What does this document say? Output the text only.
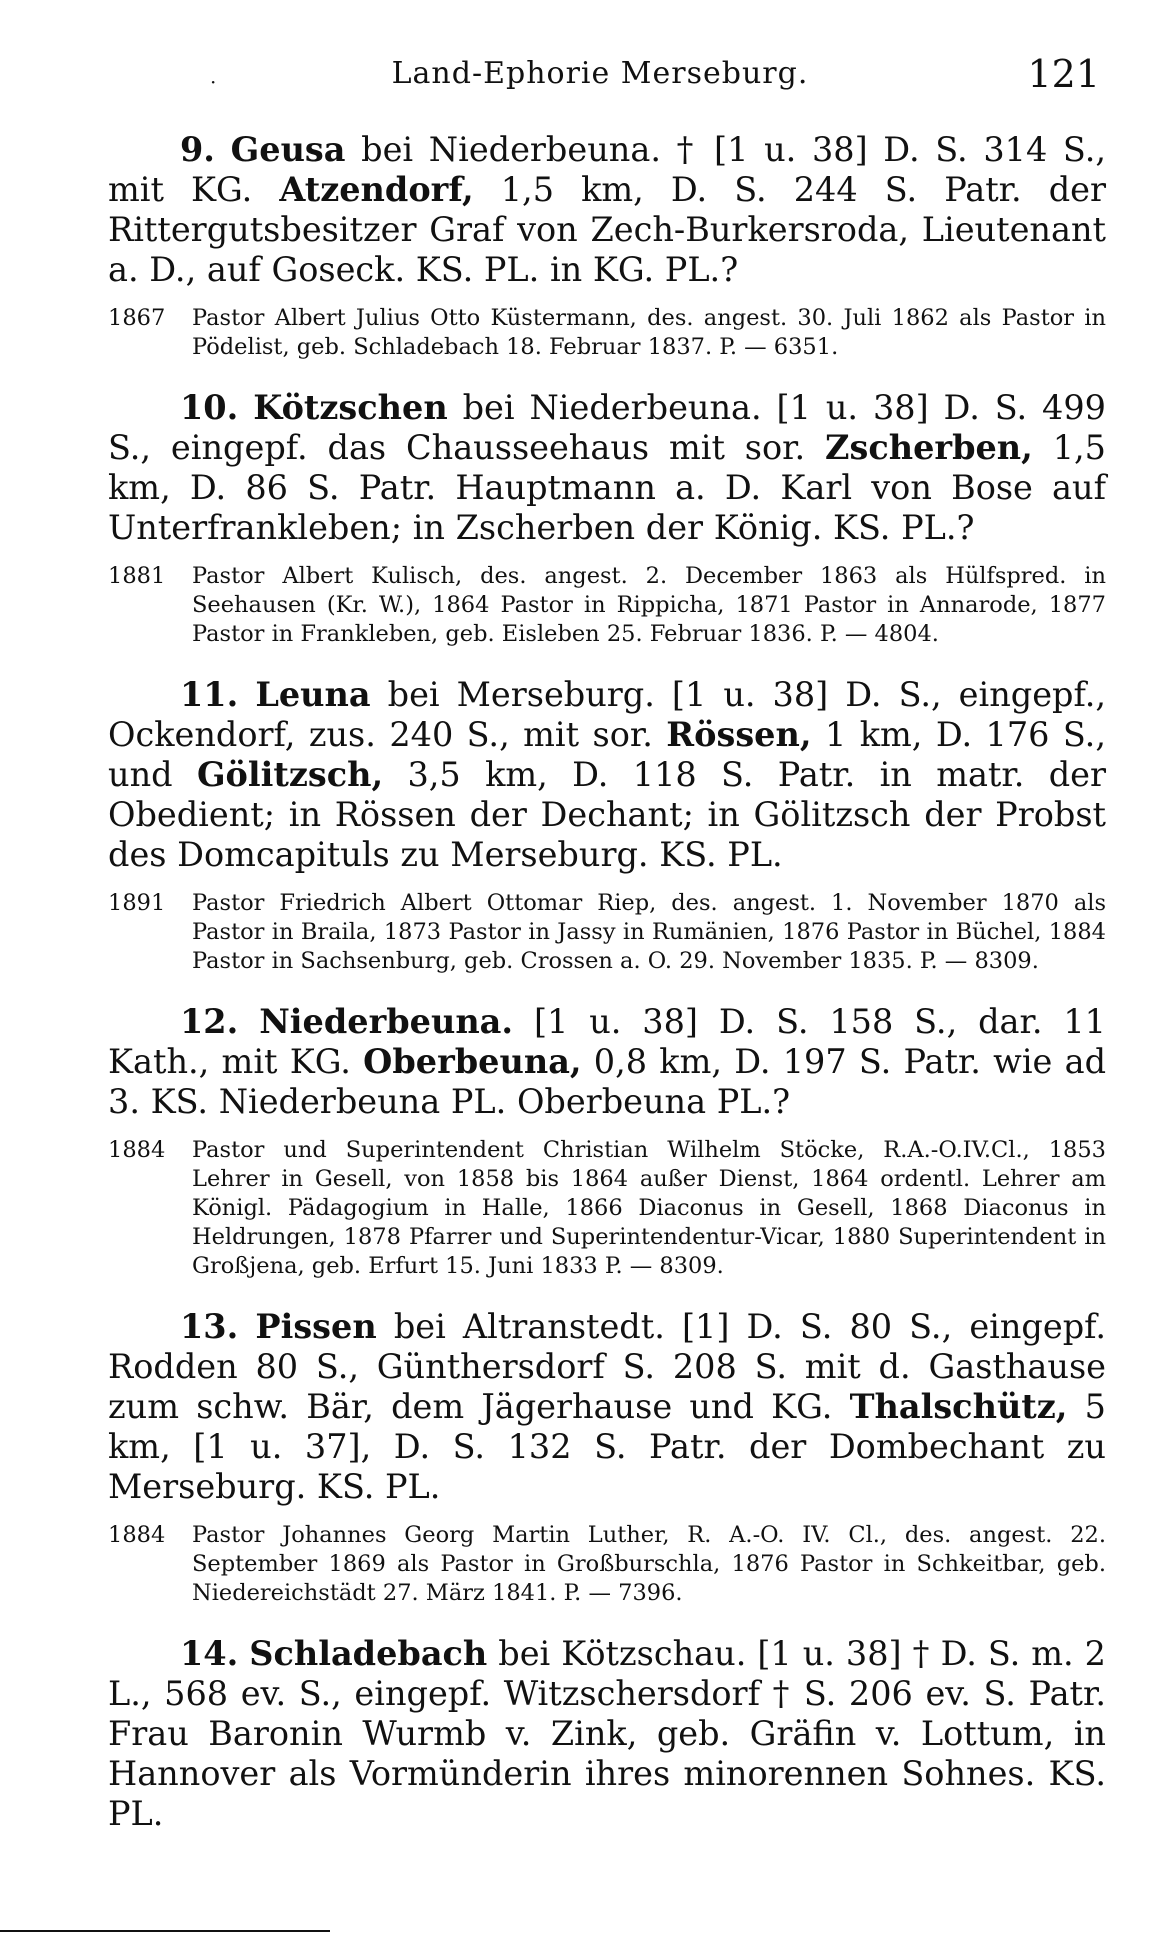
·	Land-Ephorie Merseburg.	121

9. Geusa bei Niederbeuna. † [1 u. 38] D. S. 314 S., mit KG. Atzendorf, 1,5 km, D. S. 244 S. Patr. der Rittergutsbesitzer Graf von Zech-Burkersroda, Lieutenant a. D., auf Goseck. KS. PL. in KG. PL.?

1867	Pastor Albert Julius Otto Küstermann, des. angest. 30. Juli 1862 als Pastor in Pödelist, geb. Schladebach 18. Februar 1837. P. — 6351.

10. Kötzschen bei Niederbeuna. [1 u. 38] D. S. 499 S., eingepf. das Chausseehaus mit sor. Zscherben, 1,5 km, D. 86 S. Patr. Hauptmann a. D. Karl von Bose auf Unterfrankleben; in Zscherben der König. KS. PL.?

1881	Pastor Albert Kulisch, des. angest. 2. December 1863 als Hülfspred. in Seehausen (Kr. W.), 1864 Pastor in Rippicha, 1871 Pastor in Annarode, 1877 Pastor in Frankleben, geb. Eisleben 25. Februar 1836. P. — 4804.

11. Leuna bei Merseburg. [1 u. 38] D. S., eingepf., Ockendorf, zus. 240 S., mit sor. Rössen, 1 km, D. 176 S., und Gölitzsch, 3,5 km, D. 118 S. Patr. in matr. der Obedient; in Rössen der Dechant; in Gölitzsch der Probst des Domcapituls zu Merseburg. KS. PL.

1891	Pastor Friedrich Albert Ottomar Riep, des. angest. 1. November 1870 als Pastor in Braila, 1873 Pastor in Jassy in Rumänien, 1876 Pastor in Büchel, 1884 Pastor in Sachsenburg, geb. Crossen a. O. 29. November 1835. P. — 8309.

12. Niederbeuna. [1 u. 38] D. S. 158 S., dar. 11 Kath., mit KG. Oberbeuna, 0,8 km, D. 197 S. Patr. wie ad 3. KS. Niederbeuna PL. Oberbeuna PL.?

1884	Pastor und Superintendent Christian Wilhelm Stöcke, R.A.-O.IV.Cl., 1853 Lehrer in Gesell, von 1858 bis 1864 außer Dienst, 1864 ordentl. Lehrer am Königl. Pädagogium in Halle, 1866 Diaconus in Gesell, 1868 Diaconus in Heldrungen, 1878 Pfarrer und Superintendentur-Vicar, 1880 Superintendent in Großjena, geb. Erfurt 15. Juni 1833 P. — 8309.

13. Pissen bei Altranstedt. [1] D. S. 80 S., eingepf. Rodden 80 S., Günthersdorf S. 208 S. mit d. Gasthause zum schw. Bär, dem Jägerhause und KG. Thalschütz, 5 km, [1 u. 37], D. S. 132 S. Patr. der Dombechant zu Merseburg. KS. PL.

1884	Pastor Johannes Georg Martin Luther, R. A.-O. IV. Cl., des. angest. 22. September 1869 als Pastor in Großburschla, 1876 Pastor in Schkeitbar, geb. Niedereichstädt 27. März 1841. P. — 7396.

14. Schladebach bei Kötzschau. [1 u. 38] † D. S. m. 2 L., 568 ev. S., eingepf. Witzschersdorf † S. 206 ev. S. Patr. Frau Baronin Wurmb v. Zink, geb. Gräfin v. Lottum, in Hannover als Vormünderin ihres minorennen Sohnes. KS. PL.
